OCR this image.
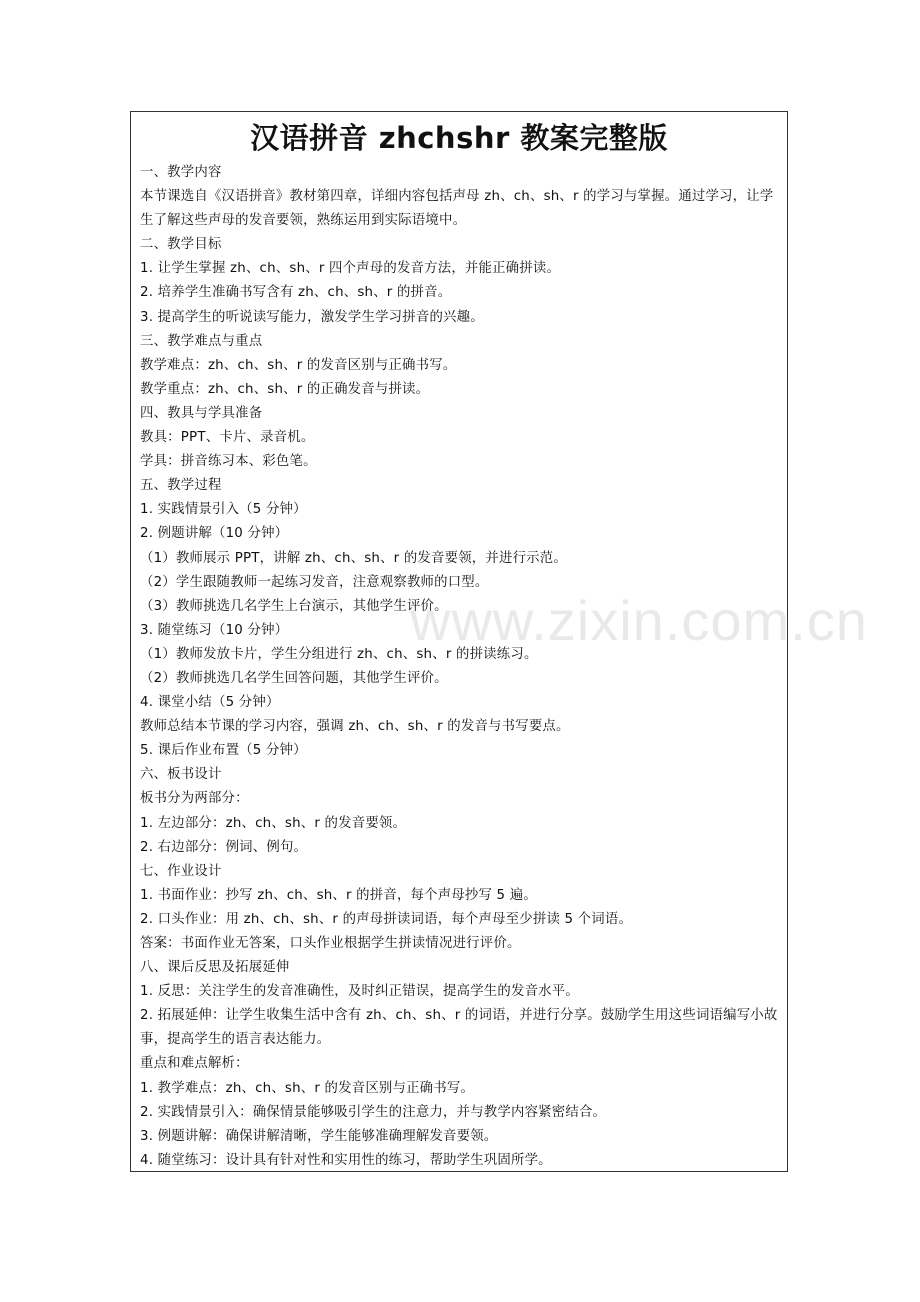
汉语拼音 zhchshr 教案完整版
一、教学内容
本节课选自《汉语拼音》教材第四章，详细内容包括声母 zh、ch、sh、r 的学习与掌握。通过学习，让学生了解这些声母的发音要领，熟练运用到实际语境中。
二、教学目标
1. 让学生掌握 zh、ch、sh、r 四个声母的发音方法，并能正确拼读。
2. 培养学生准确书写含有 zh、ch、sh、r 的拼音。
3. 提高学生的听说读写能力，激发学生学习拼音的兴趣。
三、教学难点与重点
教学难点：zh、ch、sh、r 的发音区别与正确书写。
教学重点：zh、ch、sh、r 的正确发音与拼读。
四、教具与学具准备
教具：PPT、卡片、录音机。
学具：拼音练习本、彩色笔。
五、教学过程
1. 实践情景引入（5 分钟）
2. 例题讲解（10 分钟）
（1）教师展示 PPT，讲解 zh、ch、sh、r 的发音要领，并进行示范。
（2）学生跟随教师一起练习发音，注意观察教师的口型。
（3）教师挑选几名学生上台演示，其他学生评价。
3. 随堂练习（10 分钟）
（1）教师发放卡片，学生分组进行 zh、ch、sh、r 的拼读练习。
（2）教师挑选几名学生回答问题，其他学生评价。
4. 课堂小结（5 分钟）
教师总结本节课的学习内容，强调 zh、ch、sh、r 的发音与书写要点。
5. 课后作业布置（5 分钟）
六、板书设计
板书分为两部分：
1. 左边部分：zh、ch、sh、r 的发音要领。
2. 右边部分：例词、例句。
七、作业设计
1. 书面作业：抄写 zh、ch、sh、r 的拼音，每个声母抄写 5 遍。
2. 口头作业：用 zh、ch、sh、r 的声母拼读词语，每个声母至少拼读 5 个词语。
答案：书面作业无答案，口头作业根据学生拼读情况进行评价。
八、课后反思及拓展延伸
1. 反思：关注学生的发音准确性，及时纠正错误，提高学生的发音水平。
2. 拓展延伸：让学生收集生活中含有 zh、ch、sh、r 的词语，并进行分享。鼓励学生用这些词语编写小故事，提高学生的语言表达能力。
重点和难点解析：
1. 教学难点：zh、ch、sh、r 的发音区别与正确书写。
2. 实践情景引入：确保情景能够吸引学生的注意力，并与教学内容紧密结合。
3. 例题讲解：确保讲解清晰，学生能够准确理解发音要领。
4. 随堂练习：设计具有针对性和实用性的练习，帮助学生巩固所学。
www.zixin.com.cn
